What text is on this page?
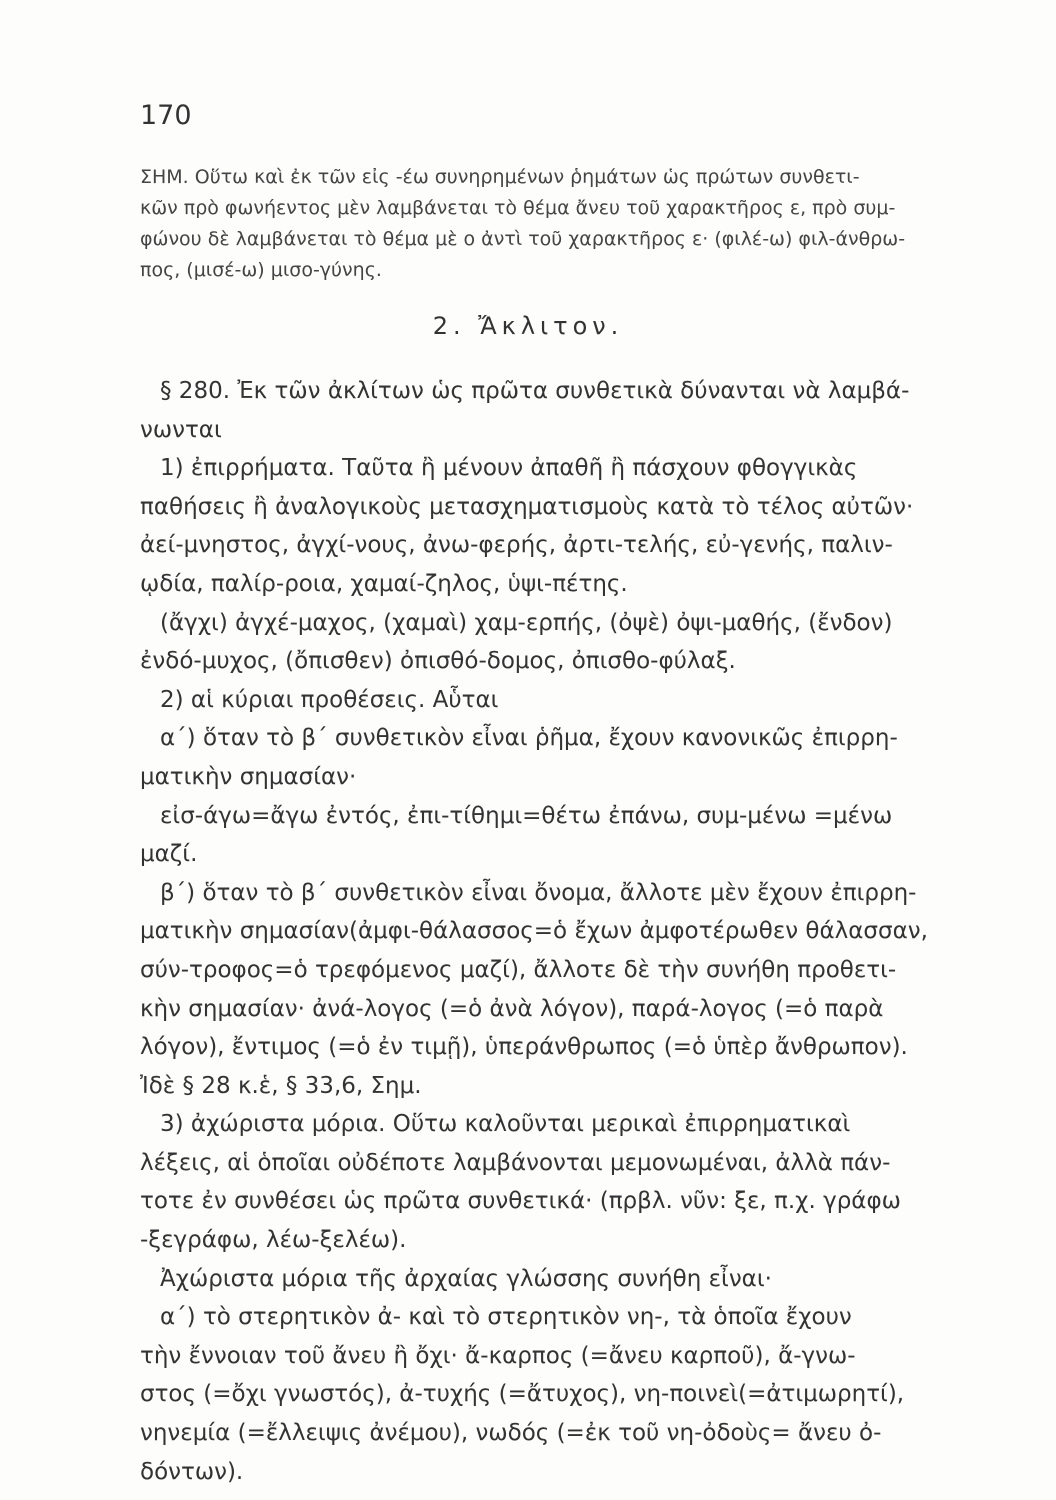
170
ΣΗΜ. Οὕτω καὶ ἐκ τῶν εἰς -έω συνηρημένων ῥημάτων ὡς πρώτων συνθετι-
κῶν πρὸ φωνήεντος μὲν λαμβάνεται τὸ θέμα ἄνευ τοῦ χαρακτῆρος ε, πρὸ συμ-
φώνου δὲ λαμβάνεται τὸ θέμα μὲ ο ἀντὶ τοῦ χαρακτῆρος ε· (φιλέ-ω) φιλ-άνθρω-
πος, (μισέ-ω) μισο-γύνης.
2. Ἄκλιτον.
§ 280. Ἐκ τῶν ἀκλίτων ὡς πρῶτα συνθετικὰ δύνανται νὰ λαμβά-
νωνται
1) ἐπιρρήματα. Ταῦτα ἢ μένουν ἀπαθῆ ἢ πάσχουν φθογγικὰς
παθήσεις ἢ ἀναλογικοὺς μετασχηματισμοὺς κατὰ τὸ τέλος αὐτῶν·
ἀεί-μνηστος, ἀγχί-νους, ἀνω-φερής, ἀρτι-τελής, εὐ-γενής, παλιν-
ῳδία, παλίρ-ροια, χαμαί-ζηλος, ὑψι-πέτης.
(ἄγχι) ἀγχέ-μαχος, (χαμαὶ) χαμ-ερπής, (ὀψὲ) ὀψι-μαθής, (ἔνδον)
ἐνδό-μυχος, (ὄπισθεν) ὀπισθό-δομος, ὀπισθο-φύλαξ.
2) αἱ κύριαι προθέσεις. Αὗται
α΄) ὅταν τὸ β΄ συνθετικὸν εἶναι ῥῆμα, ἔχουν κανονικῶς ἐπιρρη-
ματικὴν σημασίαν·
εἰσ-άγω=ἄγω ἐντός, ἐπι-τίθημι=θέτω ἐπάνω, συμ-μένω =μένω
μαζί.
β΄) ὅταν τὸ β΄ συνθετικὸν εἶναι ὄνομα, ἄλλοτε μὲν ἔχουν ἐπιρρη-
ματικὴν σημασίαν(ἀμφι-θάλασσος=ὁ ἔχων ἀμφοτέρωθεν θάλασσαν,
σύν-τροφος=ὁ τρεφόμενος μαζί), ἄλλοτε δὲ τὴν συνήθη προθετι-
κὴν σημασίαν· ἀνά-λογος (=ὁ ἀνὰ λόγον), παρά-λογος (=ὁ παρὰ
λόγον), ἔντιμος (=ὁ ἐν τιμῇ), ὑπεράνθρωπος (=ὁ ὑπὲρ ἄνθρωπον).
Ἰδὲ § 28 κ.ἑ, § 33,6, Σημ.
3) ἀχώριστα μόρια. Οὕτω καλοῦνται μερικαὶ ἐπιρρηματικαὶ
λέξεις, αἱ ὁποῖαι οὐδέποτε λαμβάνονται μεμονωμέναι, ἀλλὰ πάν-
τοτε ἐν συνθέσει ὡς πρῶτα συνθετικά· (πρβλ. νῦν: ξε, π.χ. γράφω
-ξεγράφω, λέω-ξελέω).
Ἀχώριστα μόρια τῆς ἀρχαίας γλώσσης συνήθη εἶναι·
α΄) τὸ στερητικὸν ἀ- καὶ τὸ στερητικὸν νη-, τὰ ὁποῖα ἔχουν
τὴν ἔννοιαν τοῦ ἄνευ ἢ ὄχι· ἄ-καρπος (=ἄνευ καρποῦ), ἄ-γνω-
στος (=ὄχι γνωστός), ἀ-τυχής (=ἄτυχος), νη-ποινεὶ(=ἀτιμωρητί),
νηνεμία (=ἔλλειψις ἀνέμου), νωδός (=ἐκ τοῦ νη-ὀδοὺς= ἄνευ ὀ-
δόντων).
